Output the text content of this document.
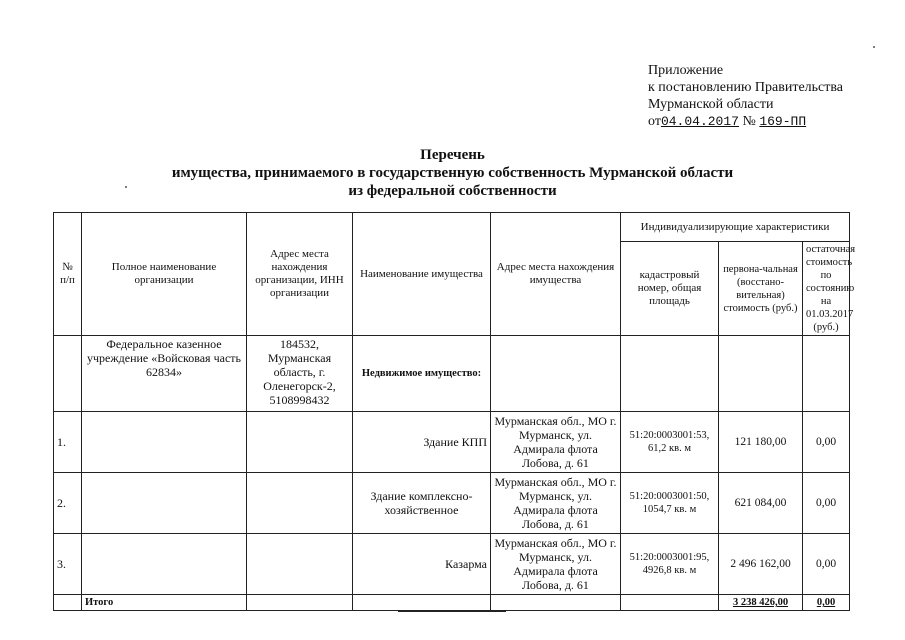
Приложение
к постановлению Правительства
Мурманской области
от04.04.2017 № 169-ПП
Перечень
имущества, принимаемого в государственную собственность Мурманской области
из федеральной собственности
№ п/п	Полное наименование организации	Адрес места нахождения организации, ИНН организации	Наименование имущества	Адрес места нахождения имущества	Индивидуализирующие характеристики		
					кадастровый номер, общая площадь	первона-чальная (восстано-вительная) стоимость (руб.)	остаточная стоимость по состоянию на 01.03.2017 (руб.)
	Федеральное казенное учреждение «Войсковая часть 62834»	184532, Мурманская область, г. Оленегорск-2, 5108998432	Недвижимое имущество:				
1.			Здание КПП	Мурманская обл., МО г. Мурманск, ул. Адмирала флота Лобова, д. 61	51:20:0003001:53, 61,2 кв. м	121 180,00	0,00
2.			Здание комплексно-хозяйственное	Мурманская обл., МО г. Мурманск, ул. Адмирала флота Лобова, д. 61	51:20:0003001:50, 1054,7 кв. м	621 084,00	0,00
3.			Казарма	Мурманская обл., МО г. Мурманск, ул. Адмирала флота Лобова, д. 61	51:20:0003001:95, 4926,8 кв. м	2 496 162,00	0,00
	Итого					3 238 426,00	0,00
